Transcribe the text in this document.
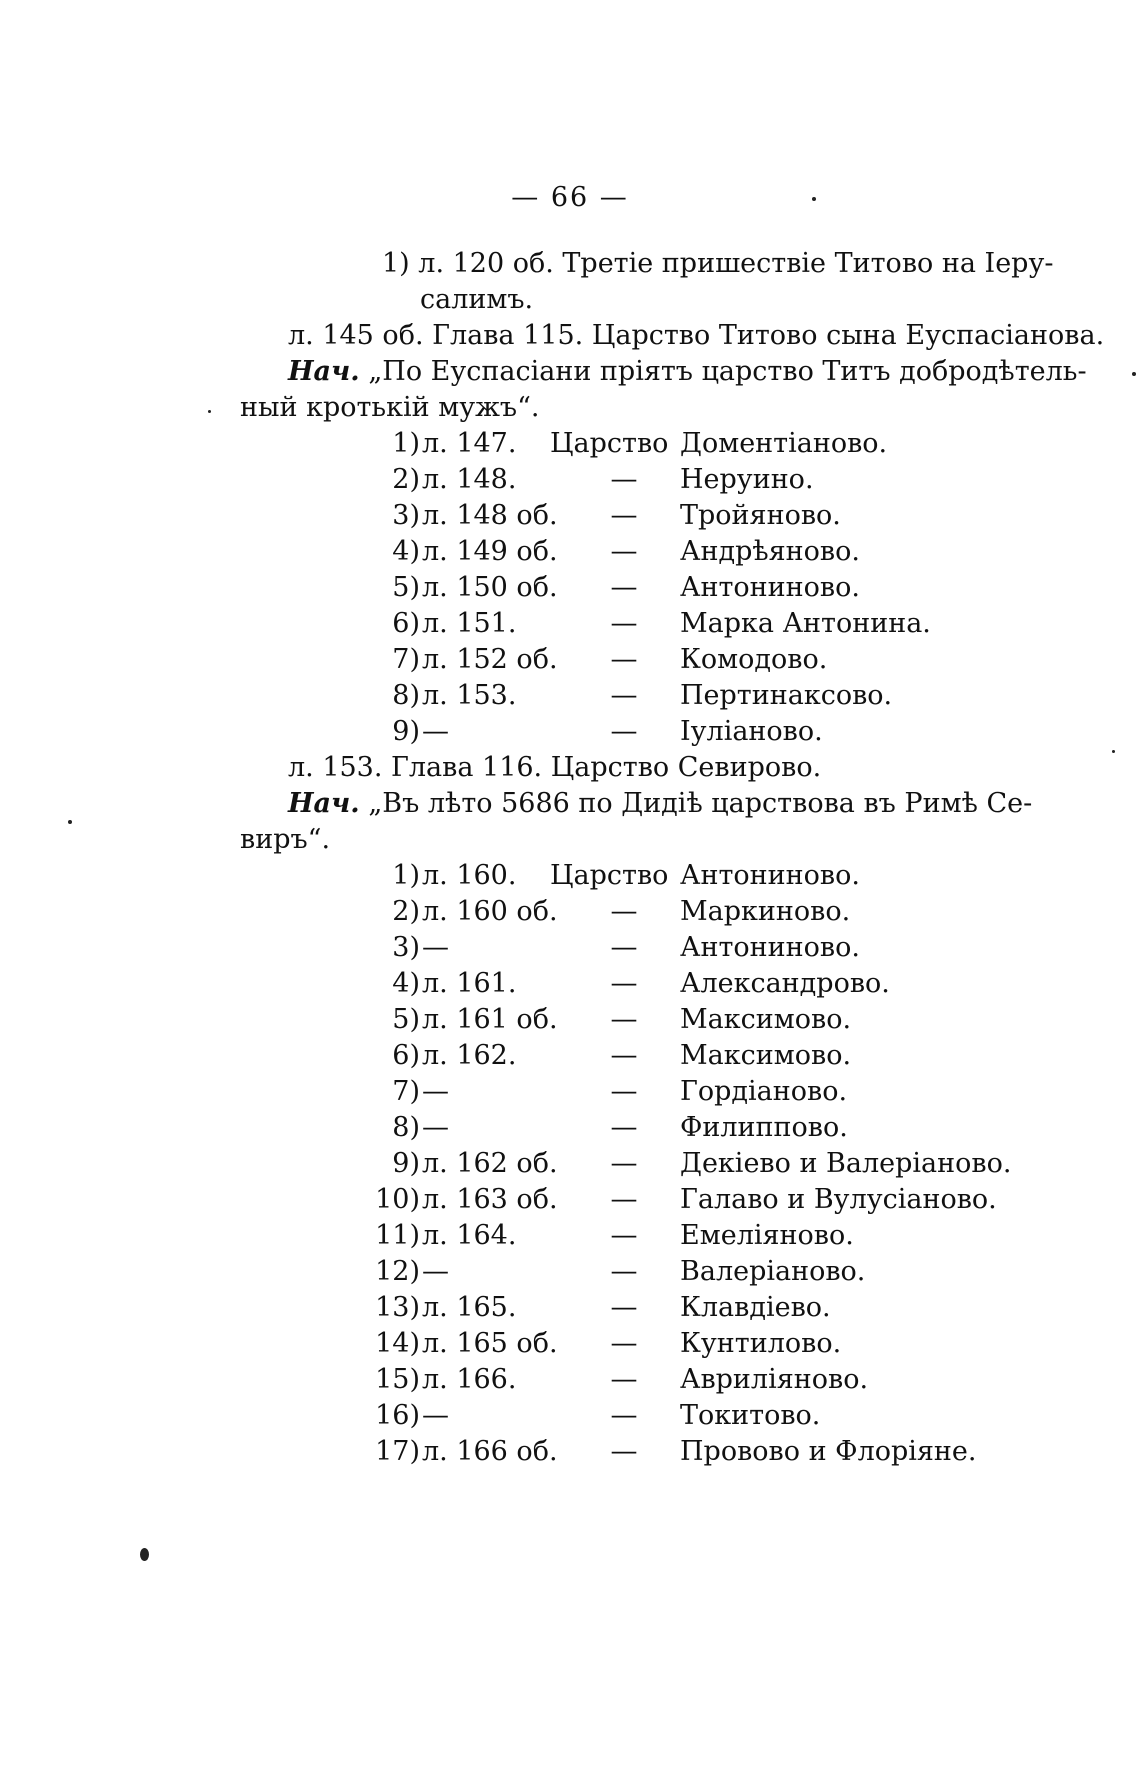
— 66 —
1) л. 120 об. Третіе пришествіе Титово на Іеру-
салимъ.
л. 145 об. Глава 115. Царство Титово сына Еуспасіанова.
Нач. „По Еуспасіани пріятъ царство Титъ добродѣтель-
ный кротькій мужъ“.
1) л. 147. Царство Доментіаново.
2) л. 148.	—	Неруино.
3) л. 148 об.	—	Тройяново.
4) л. 149 об.	—	Андрѣяново.
5) л. 150 об.	—	Антониново.
6) л. 151.	—	Марка Антонина.
7) л. 152 об.	—	Комодово.
8) л. 153.	—	Пертинаксово.
9) —	—	Іуліаново.
л. 153. Глава 116. Царство Севирово.
Нач. „Въ лѣто 5686 по Дидіѣ царствова въ Римѣ Се-
виръ“.
1) л. 160. Царство Антониново.
2) л. 160 об.	—	Маркиново.
3) —	—	Антониново.
4) л. 161.	—	Александрово.
5) л. 161 об.	—	Максимово.
6) л. 162.	—	Максимово.
7) —	—	Гордіаново.
8) —	—	Филиппово.
9) л. 162 об.	—	Декіево и Валеріаново.
10) л. 163 об.	—	Галаво и Вулусіаново.
11) л. 164.	—	Емеліяново.
12) —	—	Валеріаново.
13) л. 165.	—	Клавдіево.
14) л. 165 об.	—	Кунтилово.
15) л. 166.	—	Авриліяново.
16) —	—	Токитово.
17) л. 166 об.	—	Провово и Флоріяне.
